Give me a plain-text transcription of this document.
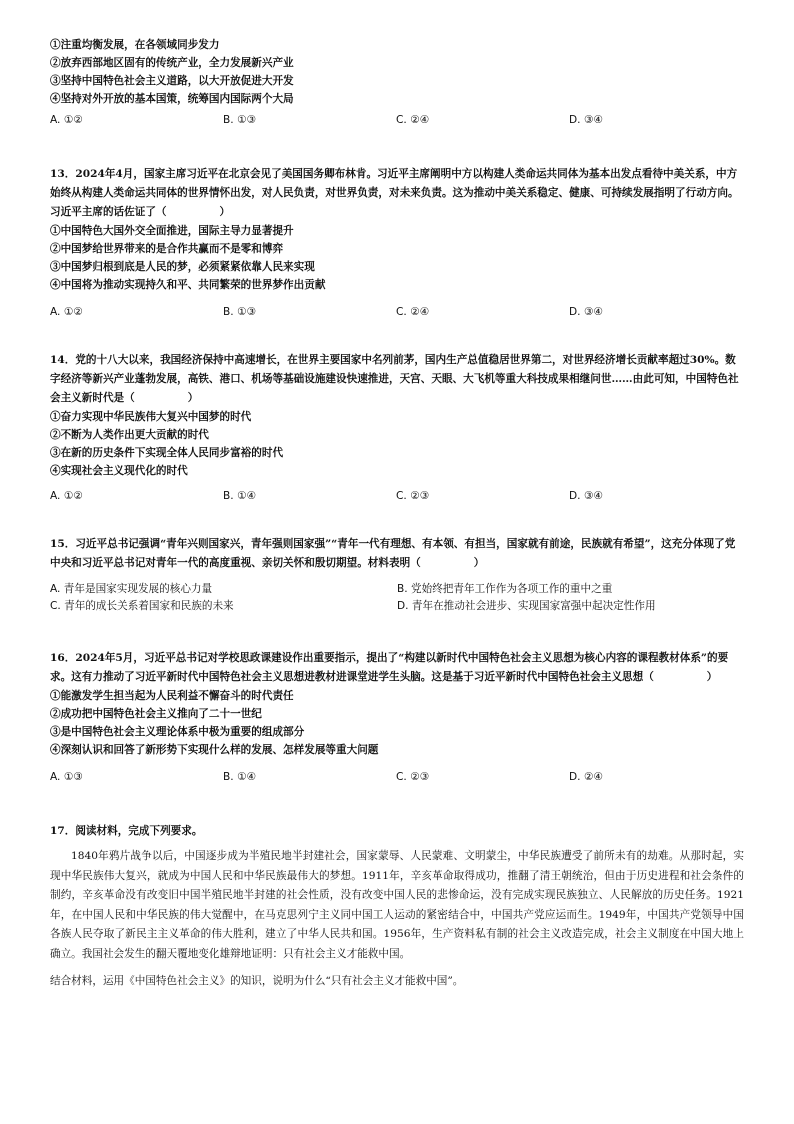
①注重均衡发展，在各领域同步发力
②放弃西部地区固有的传统产业，全力发展新兴产业
③坚持中国特色社会主义道路，以大开放促进大开发
④坚持对外开放的基本国策，统筹国内国际两个大局
A. ①②	B. ①③	C. ②④	D. ③④
13．2024年4月，国家主席习近平在北京会见了美国国务卿布林肯。习近平主席阐明中方以构建人类命运共同体为基本出发点看待中美关系，中方始终从构建人类命运共同体的世界情怀出发，对人民负责，对世界负责，对未来负责。这为推动中美关系稳定、健康、可持续发展指明了行动方向。习近平主席的话佐证了（　　　　　）
①中国特色大国外交全面推进，国际主导力显著提升
②中国梦给世界带来的是合作共赢而不是零和博弈
③中国梦归根到底是人民的梦，必须紧紧依靠人民来实现
④中国将为推动实现持久和平、共同繁荣的世界梦作出贡献
A. ①②	B. ①③	C. ②④	D. ③④
14．党的十八大以来，我国经济保持中高速增长，在世界主要国家中名列前茅，国内生产总值稳居世界第二，对世界经济增长贡献率超过30%。数字经济等新兴产业蓬勃发展，高铁、港口、机场等基础设施建设快速推进，天宫、天眼、大飞机等重大科技成果相继问世……由此可知，中国特色社会主义新时代是（　　　　　）
①奋力实现中华民族伟大复兴中国梦的时代
②不断为人类作出更大贡献的时代
③在新的历史条件下实现全体人民同步富裕的时代
④实现社会主义现代化的时代
A. ①②	B. ①④	C. ②③	D. ③④
15．习近平总书记强调“青年兴则国家兴，青年强则国家强”“青年一代有理想、有本领、有担当，国家就有前途，民族就有希望”，这充分体现了党中央和习近平总书记对青年一代的高度重视、亲切关怀和殷切期望。材料表明（　　　　　）
A. 青年是国家实现发展的核心力量	B. 党始终把青年工作作为各项工作的重中之重
C. 青年的成长关系着国家和民族的未来	D. 青年在推动社会进步、实现国家富强中起决定性作用
16．2024年5月，习近平总书记对学校思政课建设作出重要指示，提出了“构建以新时代中国特色社会主义思想为核心内容的课程教材体系”的要求。这有力推动了习近平新时代中国特色社会主义思想进教材进课堂进学生头脑。这是基于习近平新时代中国特色社会主义思想（　　　　　）
①能激发学生担当起为人民利益不懈奋斗的时代责任
②成功把中国特色社会主义推向了二十一世纪
③是中国特色社会主义理论体系中极为重要的组成部分
④深刻认识和回答了新形势下实现什么样的发展、怎样发展等重大问题
A. ①③	B. ①④	C. ②③	D. ②④
17．阅读材料，完成下列要求。
1840年鸦片战争以后，中国逐步成为半殖民地半封建社会，国家蒙辱、人民蒙难、文明蒙尘，中华民族遭受了前所未有的劫难。从那时起，实现中华民族伟大复兴，就成为中国人民和中华民族最伟大的梦想。1911年，辛亥革命取得成功，推翻了清王朝统治，但由于历史进程和社会条件的制约，辛亥革命没有改变旧中国半殖民地半封建的社会性质，没有改变中国人民的悲惨命运，没有完成实现民族独立、人民解放的历史任务。1921年，在中国人民和中华民族的伟大觉醒中，在马克思列宁主义同中国工人运动的紧密结合中，中国共产党应运而生。1949年，中国共产党领导中国各族人民夺取了新民主主义革命的伟大胜利，建立了中华人民共和国。1956年，生产资料私有制的社会主义改造完成，社会主义制度在中国大地上确立。我国社会发生的翻天覆地变化雄辩地证明：只有社会主义才能救中国。
结合材料，运用《中国特色社会主义》的知识，说明为什么“只有社会主义才能救中国”。
